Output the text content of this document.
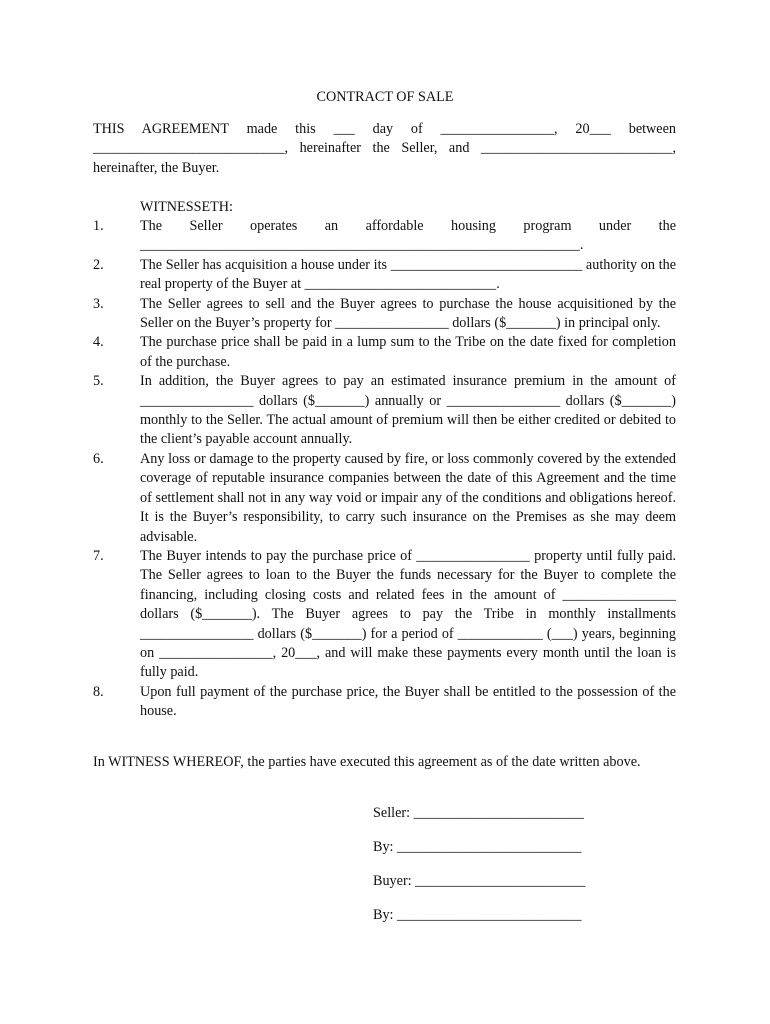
CONTRACT OF SALE
THIS AGREEMENT made this ___ day of ________________, 20___ between ___________________________, hereinafter the Seller, and ___________________________, hereinafter, the Buyer.
WITNESSETH:
1.	The Seller operates an affordable housing program under the ______________________________________________________________.
2.	The Seller has acquisition a house under its ___________________________ authority on the real property of the Buyer at ___________________________.
3.	The Seller agrees to sell and the Buyer agrees to purchase the house acquisitioned by the Seller on the Buyer’s property for ________________ dollars ($_______) in principal only.
4.	The purchase price shall be paid in a lump sum to the Tribe on the date fixed for completion of the purchase.
5.	In addition, the Buyer agrees to pay an estimated insurance premium in the amount of ________________ dollars ($_______) annually or ________________ dollars ($_______) monthly to the Seller. The actual amount of premium will then be either credited or debited to the client’s payable account annually.
6.	Any loss or damage to the property caused by fire, or loss commonly covered by the extended coverage of reputable insurance companies between the date of this Agreement and the time of settlement shall not in any way void or impair any of the conditions and obligations hereof. It is the Buyer’s responsibility, to carry such insurance on the Premises as she may deem advisable.
7.	The Buyer intends to pay the purchase price of ________________ property until fully paid. The Seller agrees to loan to the Buyer the funds necessary for the Buyer to complete the financing, including closing costs and related fees in the amount of ________________ dollars ($_______). The Buyer agrees to pay the Tribe in monthly installments ________________ dollars ($_______) for a period of ____________ (___) years, beginning on ________________, 20___, and will make these payments every month until the loan is fully paid.
8.	Upon full payment of the purchase price, the Buyer shall be entitled to the possession of the house.
In WITNESS WHEREOF, the parties have executed this agreement as of the date written above.
Seller: ________________________
By: __________________________
Buyer: ________________________
By: __________________________
